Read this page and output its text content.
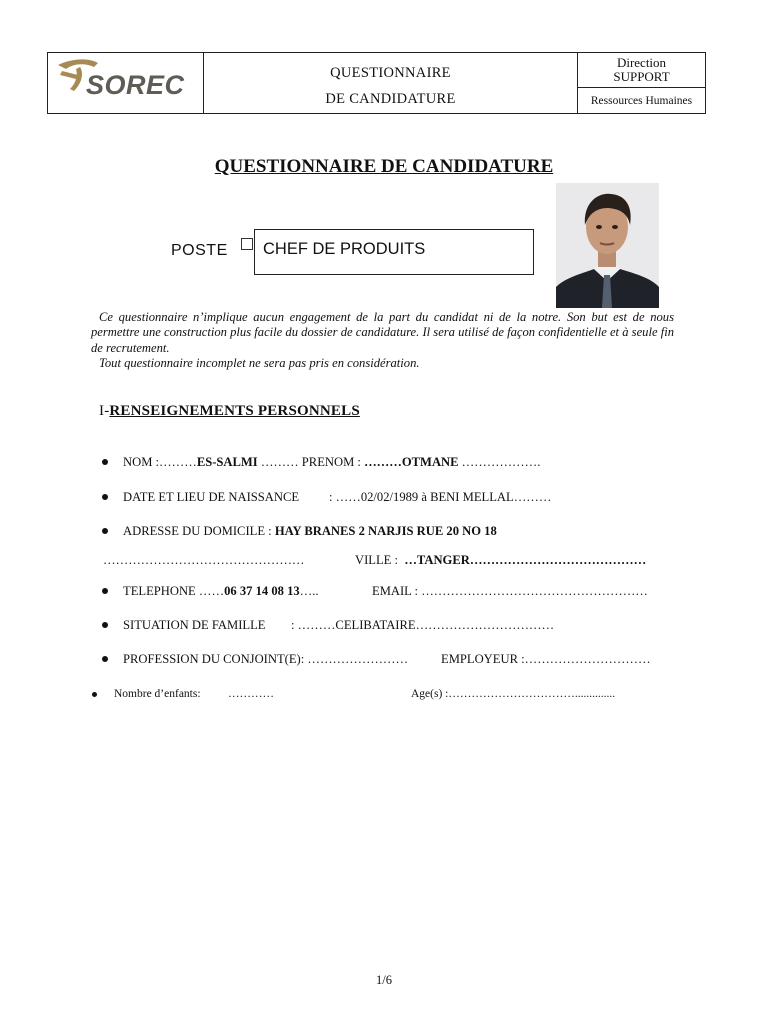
SOREC	QUESTIONNAIRE
DE CANDIDATURE
Direction
SUPPORT
Ressources Humaines
QUESTIONNAIRE DE CANDIDATURE
POSTE CHEF DE PRODUITS

Ce questionnaire n’implique aucun engagement de la part du candidat ni de la notre. Son but est de nous permettre une construction plus facile du dossier de candidature. Il sera utilisé de façon confidentielle et à seule fin de recrutement.

Tout questionnaire incomplet ne sera pas pris en considération.

I-RENSEIGNEMENTS PERSONNELS
NOM :………ES-SALMI ……… PRENOM : ………OTMANE ……………….
DATE ET LIEU DE NAISSANCE : ……02/02/1989 à BENI MELLAL………
ADRESSE DU DOMICILE : HAY BRANES 2 NARJIS RUE 20 NO 18
…………………………………………	VILLE : …TANGER……………………………………
TELEPHONE ……06 37 14 08 13…..	EMAIL : ………………………………………………
SITUATION DE FAMILLE : ………CELIBATAIRE……………………………
PROFESSION DU CONJOINT(E): ……………………	EMPLOYEUR :…………………………
Nombre d’enfants: …………	Age(s) :……………………………..............
1/6
